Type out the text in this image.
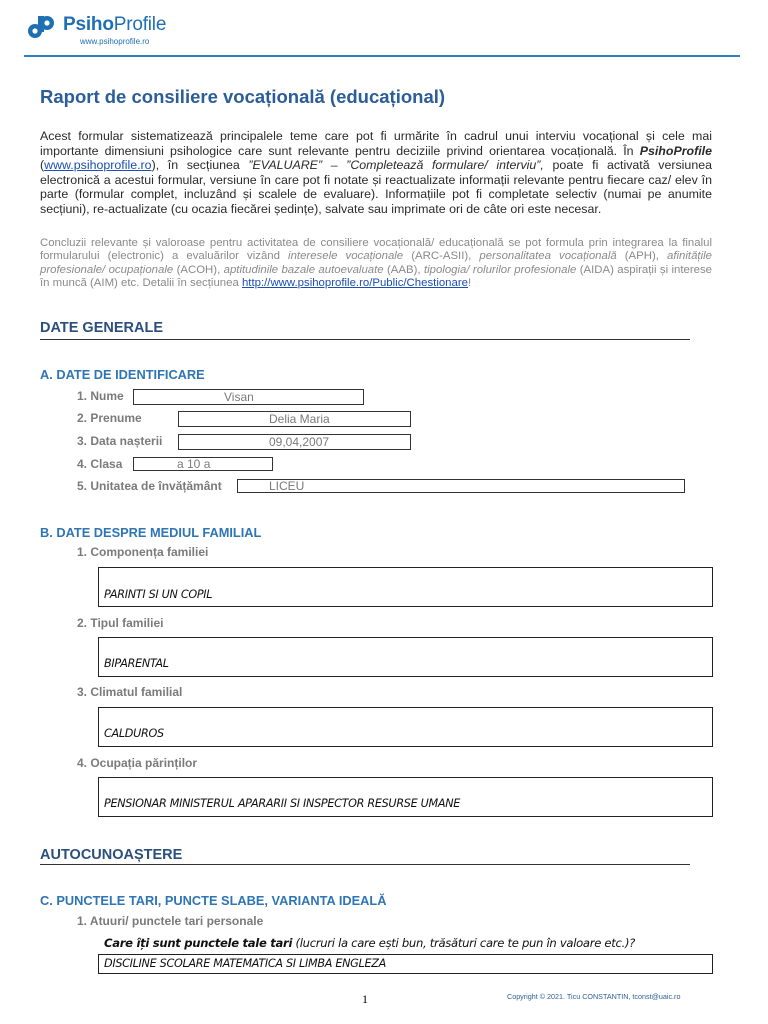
PsihoProfile
www.psihoprofile.ro
Raport de consiliere vocațională (educațional)
Acest formular sistematizează principalele teme care pot fi urmărite în cadrul unui interviu vocațional și cele mai importante dimensiuni psihologice care sunt relevante pentru deciziile privind orientarea vocațională. În PsihoProfile (www.psihoprofile.ro), în secțiunea ”EVALUARE” – ”Completează formulare/ interviu”, poate fi activată versiunea electronică a acestui formular, versiune în care pot fi notate și reactualizate informații relevante pentru fiecare caz/ elev în parte (formular complet, incluzând și scalele de evaluare). Informațiile pot fi completate selectiv (numai pe anumite secțiuni), re-actualizate (cu ocazia fiecărei ședințe), salvate sau imprimate ori de câte ori este necesar.
Concluzii relevante și valoroase pentru activitatea de consiliere vocațională/ educațională se pot formula prin integrarea la finalul formularului (electronic) a evaluărilor vizând interesele vocaționale (ARC-ASII), personalitatea vocațională (APH), afinitățile profesionale/ ocupaționale (ACOH), aptitudinile bazale autoevaluate (AAB), tipologia/ rolurilor profesionale (AIDA) aspirații și interese în muncă (AIM) etc. Detalii în secțiunea http://www.psihoprofile.ro/Public/Chestionare!
DATE GENERALE
A. DATE DE IDENTIFICARE
1. Nume	Visan
2. Prenume	Delia Maria
3. Data nașterii	09,04,2007
4. Clasa	a 10 a
5. Unitatea de învățământ	LICEU
B. DATE DESPRE MEDIUL FAMILIAL
1. Componența familiei
PARINTI SI UN COPIL
2. Tipul familiei
BIPARENTAL
3. Climatul familial
CALDUROS
4. Ocupația părinților
PENSIONAR MINISTERUL APARARII SI INSPECTOR RESURSE UMANE
AUTOCUNOAȘTERE
C. PUNCTELE TARI, PUNCTE SLABE, VARIANTA IDEALĂ
1. Atuuri/ punctele tari personale
Care îți sunt punctele tale tari (lucruri la care ești bun, trăsături care te pun în valoare etc.)?
DISCILINE SCOLARE MATEMATICA SI LIMBA ENGLEZA
1	Copyright © 2021. Ticu CONSTANTIN, tconst@uaic.ro
